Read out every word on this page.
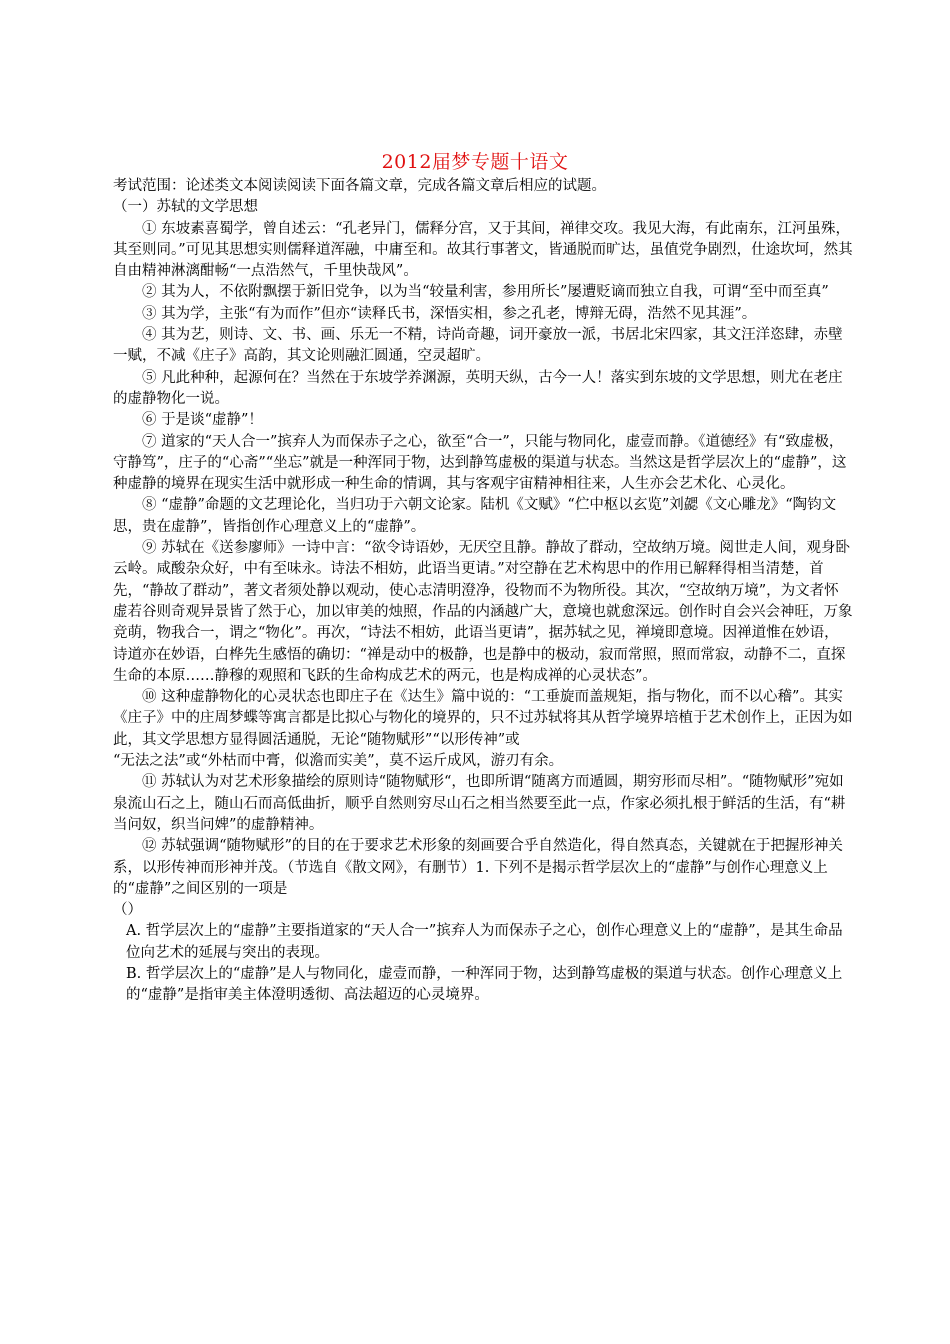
2012届梦专题十语文

考试范围：论述类文本阅读阅读下面各篇文章，完成各篇文章后相应的试题。

（一）苏轼的文学思想

① 东坡素喜蜀学，曾自述云：“孔老异门，儒释分宫，又于其间，禅律交攻。我见大海，有此南东，江河虽殊，其至则同。”可见其思想实则儒释道浑融，中庸至和。故其行事著文，皆通脱而旷达，虽值党争剧烈，仕途坎坷，然其自由精神淋漓酣畅“一点浩然气，千里快哉风”。

② 其为人，不依附飘摆于新旧党争，以为当“较量利害，参用所长”屡遭贬谪而独立自我，可谓“至中而至真”

③ 其为学，主张“有为而作”但亦“读释氏书，深悟实相，参之孔老，博辩无碍，浩然不见其涯”。

④ 其为艺，则诗、文、书、画、乐无一不精，诗尚奇趣，词开豪放一派，书居北宋四家，其文汪洋恣肆，赤壁一赋，不减《庄子》高韵，其文论则融汇圆通，空灵超旷。

⑤ 凡此种种，起源何在？当然在于东坡学养渊源，英明天纵，古今一人！落实到东坡的文学思想，则尤在老庄的虚静物化一说。

⑥ 于是谈“虚静”！

⑦ 道家的“天人合一”摈弃人为而保赤子之心，欲至“合一”，只能与物同化，虚壹而静。《道德经》有“致虚极，守静笃”，庄子的“心斋”“坐忘”就是一种浑同于物，达到静笃虚极的渠道与状态。当然这是哲学层次上的“虚静”，这种虚静的境界在现实生活中就形成一种生命的情调，其与客观宇宙精神相往来，人生亦会艺术化、心灵化。

⑧ “虚静”命题的文艺理论化，当归功于六朝文论家。陆机《文赋》“伫中枢以玄览”刘勰《文心雕龙》“陶钧文思，贵在虚静”，皆指创作心理意义上的“虚静”。

⑨ 苏轼在《送参廖师》一诗中言：“欲令诗语妙，无厌空且静。静故了群动，空故纳万境。阅世走人间，观身卧云岭。咸酸杂众好，中有至味永。诗法不相妨，此语当更请。”对空静在艺术构思中的作用已解释得相当清楚，首先，“静故了群动”，著文者须处静以观动，使心志清明澄净，役物而不为物所役。其次，“空故纳万境”，为文者怀虚若谷则奇观异景皆了然于心，加以审美的烛照，作品的内涵越广大，意境也就愈深远。创作时自会兴会神旺，万象竞萌，物我合一，谓之“物化”。再次，“诗法不相妨，此语当更请”，据苏轼之见，禅境即意境。因禅道惟在妙语，诗道亦在妙语，白桦先生感悟的确切：“禅是动中的极静，也是静中的极动，寂而常照，照而常寂，动静不二，直探生命的本原……静穆的观照和飞跃的生命构成艺术的两元，也是构成禅的心灵状态”。

⑩ 这种虚静物化的心灵状态也即庄子在《达生》篇中说的：“工垂旋而盖规矩，指与物化，而不以心稽”。其实《庄子》中的庄周梦蝶等寓言都是比拟心与物化的境界的，只不过苏轼将其从哲学境界培植于艺术创作上，正因为如此，其文学思想方显得圆活通脱，无论“随物赋形”“以形传神”或

“无法之法”或“外枯而中膏，似澹而实美”，莫不运斤成风，游刃有余。

⑪ 苏轼认为对艺术形象描绘的原则诗“随物赋形“，也即所谓“随离方而遁圆，期穷形而尽相”。“随物赋形”宛如泉流山石之上，随山石而高低曲折，顺乎自然则穷尽山石之相当然要至此一点，作家必须扎根于鲜活的生活，有“耕当问奴，织当问婢”的虚静精神。

⑫ 苏轼强调“随物赋形”的目的在于要求艺术形象的刻画要合乎自然造化，得自然真态，关键就在于把握形神关系，以形传神而形神并茂。（节选自《散文网》，有删节）1. 下列不是揭示哲学层次上的“虚静”与创作心理意义上的“虚静”之间区别的一项是

（）

A. 哲学层次上的“虚静”主要指道家的“天人合一”摈弃人为而保赤子之心，创作心理意义上的“虚静”，是其生命品位向艺术的延展与突出的表现。

B. 哲学层次上的“虚静”是人与物同化，虚壹而静，一种浑同于物，达到静笃虚极的渠道与状态。创作心理意义上的“虚静”是指审美主体澄明透彻、高法超迈的心灵境界。
